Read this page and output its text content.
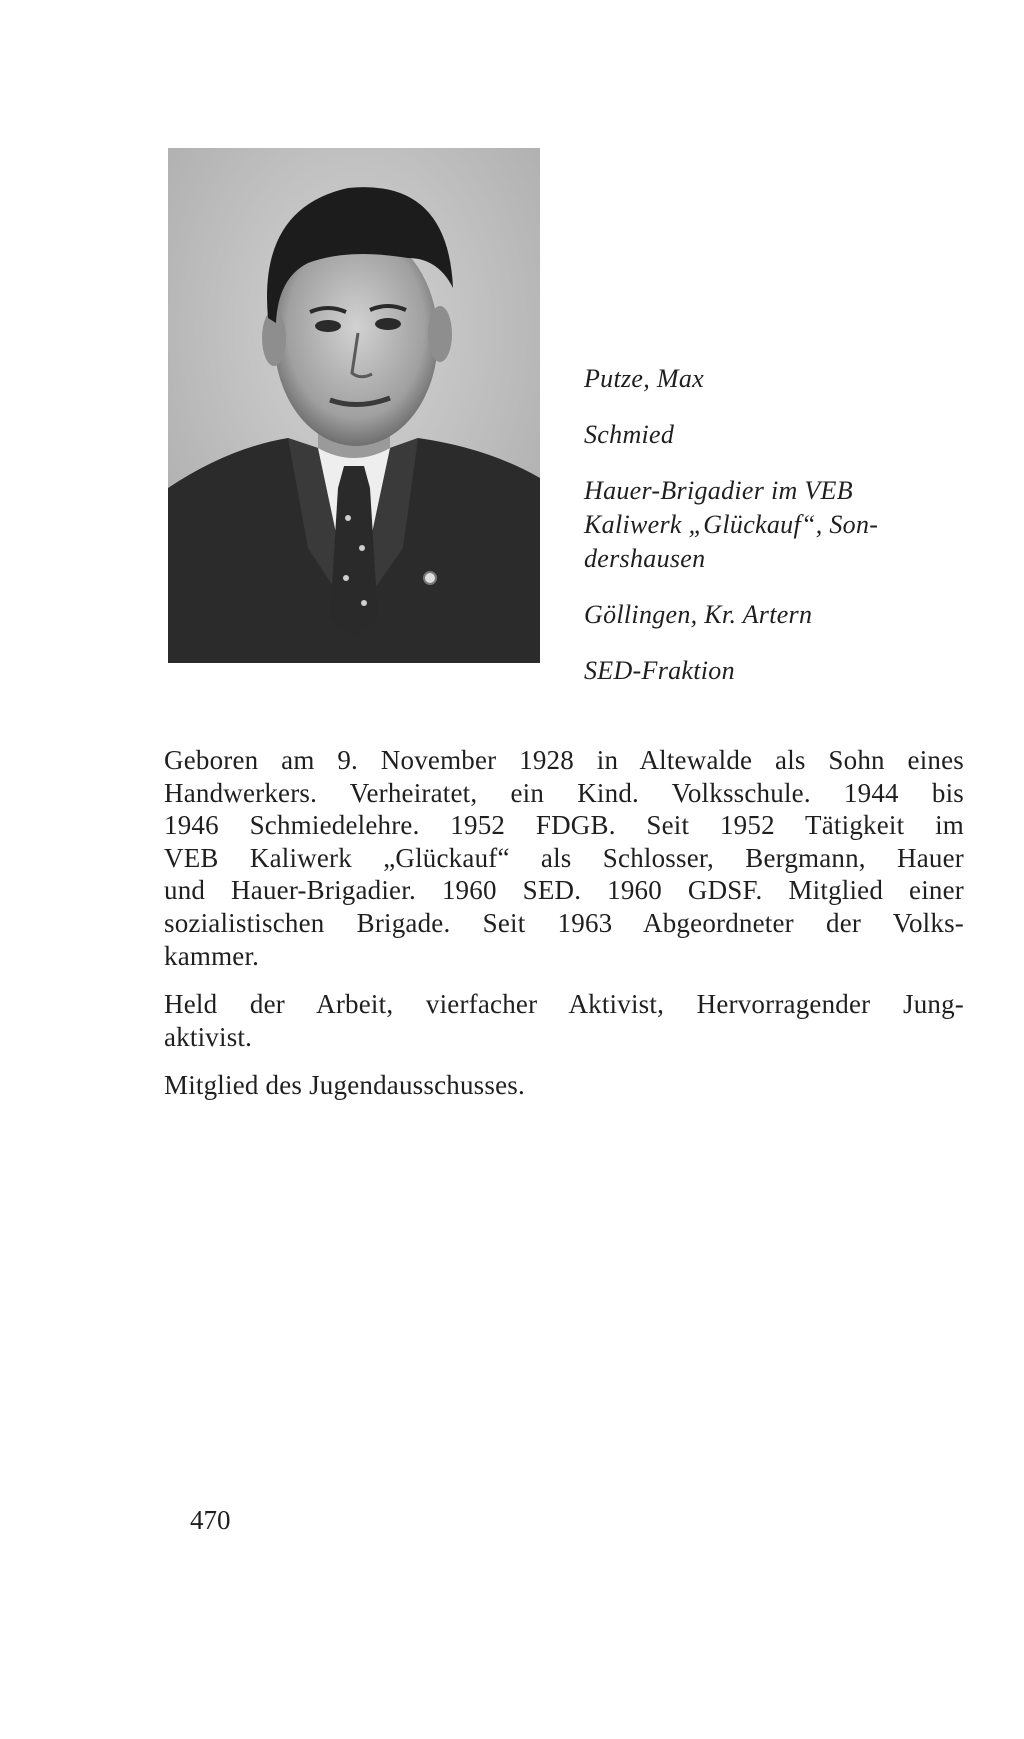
Putze, Max

Schmied

Hauer-Brigadier im VEB
Kaliwerk „Glückauf“, Son-
dershausen

Göllingen, Kr. Artern

SED-Fraktion

Geboren am 9. November 1928 in Altewalde als Sohn eines
Handwerkers. Verheiratet, ein Kind. Volksschule. 1944 bis
1946 Schmiedelehre. 1952 FDGB. Seit 1952 Tätigkeit im
VEB Kaliwerk „Glückauf“ als Schlosser, Bergmann, Hauer
und Hauer-Brigadier. 1960 SED. 1960 GDSF. Mitglied einer
sozialistischen Brigade. Seit 1963 Abgeordneter der Volks-
kammer.

Held der Arbeit, vierfacher Aktivist, Hervorragender Jung-
aktivist.

Mitglied des Jugendausschusses.

470
